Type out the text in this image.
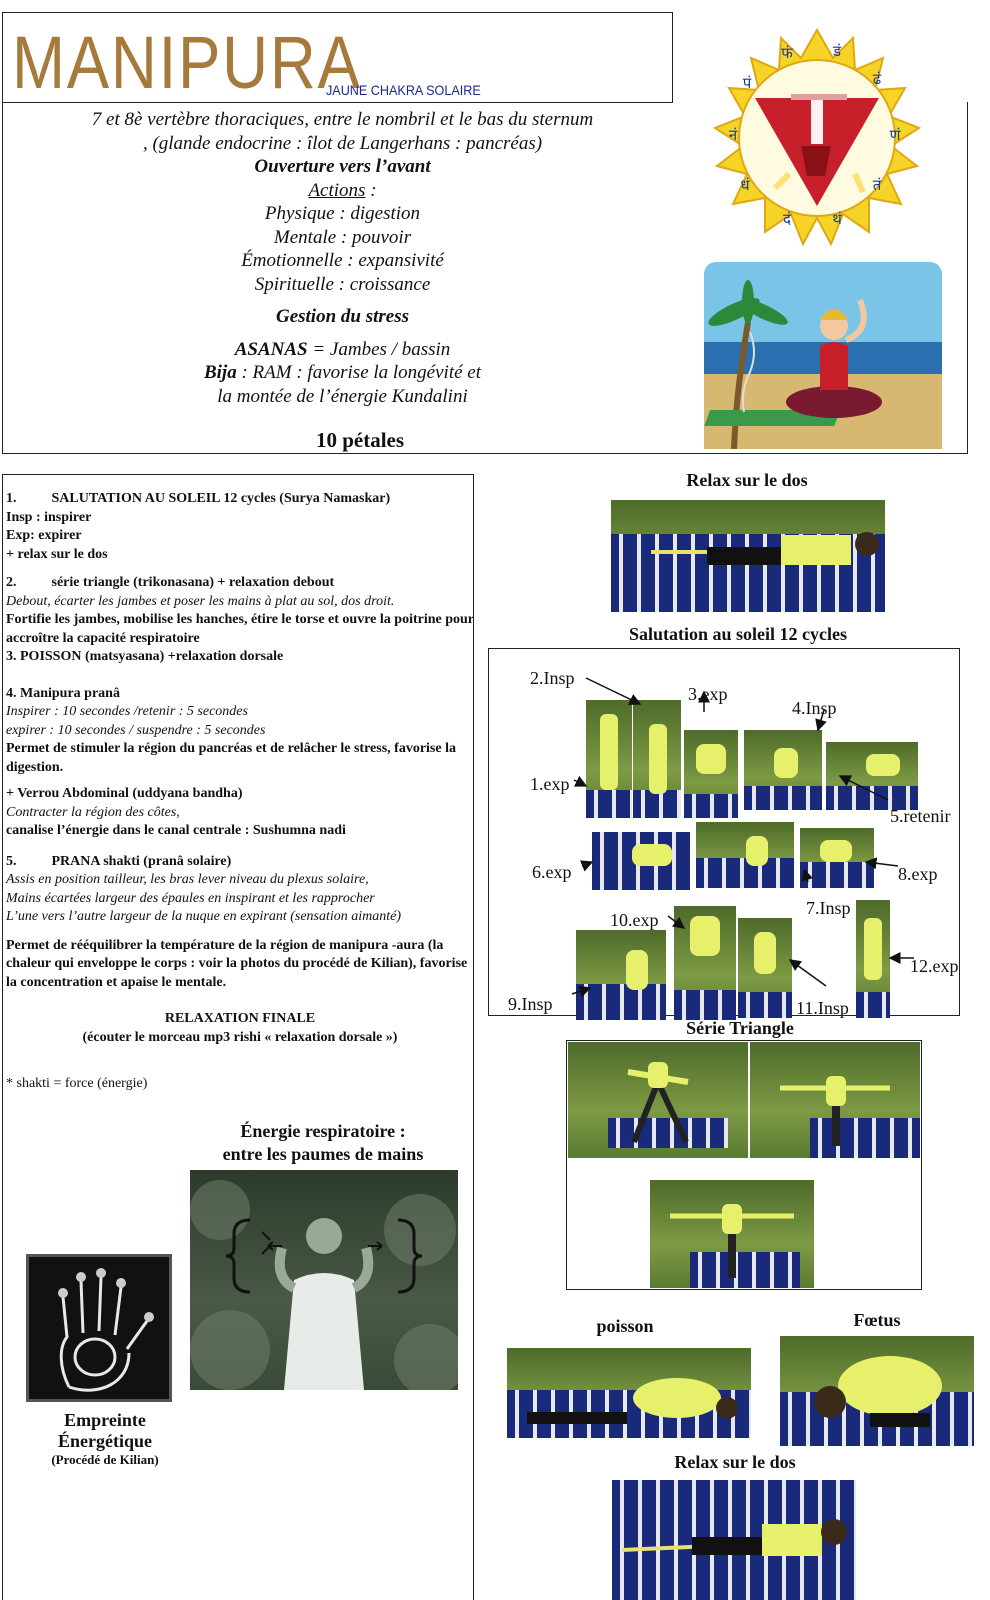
MANIPURA
JAUNE CHAKRA SOLAIRE
7 et 8è vertèbre thoraciques, entre le nombril et le bas du sternum
, (glande endocrine : îlot de Langerhans : pancréas)
Ouverture vers l’avant
Actions :
Physique : digestion
Mentale : pouvoir
Émotionnelle : expansivité
Spirituelle : croissance
Gestion du stress
ASANAS = Jambes / bassin
Bija : RAM : favorise la longévité et
la montée de l’énergie Kundalini
10 pétales
फं	डं
ढं
णं
तं
थं
दं
धं
नं
पं

1.	SALUTATION AU SOLEIL 12 cycles (Surya Namaskar)

Insp : inspirer

Exp: expirer

+ relax sur le dos

2.	série triangle (trikonasana) + relaxation debout

Debout, écarter les jambes et poser les mains à plat au sol, dos droit.

Fortifie les jambes, mobilise les hanches, étire le torse et ouvre la poitrine pour accroître la capacité respiratoire

3. POISSON (matsyasana) +relaxation dorsale

4. Manipura pranâ

Inspirer : 10 secondes /retenir : 5 secondes

expirer : 10 secondes / suspendre : 5 secondes

Permet de stimuler la région du pancréas et de relâcher le stress, favorise la digestion.

+ Verrou Abdominal (uddyana bandha)

Contracter la région des côtes,

canalise l’énergie dans le canal centrale : Sushumna nadi

5.	PRANA shakti (pranâ solaire)

Assis en position tailleur, les bras lever niveau du plexus solaire,

Mains écartées largeur des épaules en inspirant et les rapprocher

L’une vers l’autre largeur de la nuque en expirant (sensation aimanté)

Permet de rééquilibrer la température de la région de manipura -aura (la chaleur qui enveloppe le corps : voir la photos du procédé de Kilian), favorise la concentration et apaise le mentale.

RELAXATION FINALE

(écouter le morceau mp3 rishi « relaxation dorsale »)

* shakti = force (énergie)

Énergie respiratoire :
entre les paumes de mains
Empreinte
Énergétique
(Procédé de Kilian)
Relax sur le dos
Salutation au soleil 12 cycles
2.Insp
3.exp
4.Insp
1.exp
5.retenir
6.exp	8.exp
7.Insp
10.exp
12.exp
9.Insp	11.Insp
Série Triangle
poisson	Fœtus
Relax sur le dos
